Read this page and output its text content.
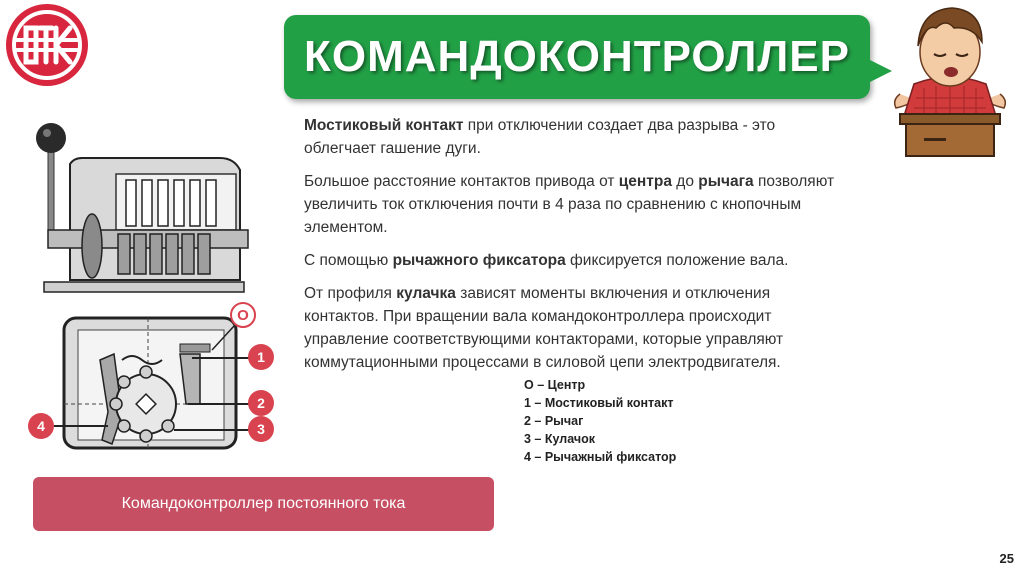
КОМАНДОКОНТРОЛЛЕР
О
1
2
3
4

Мостиковый контакт при отключении создает два разрыва - это облегчает гашение дуги.

Большое расстояние контактов привода от центра до рычага позволяют увеличить ток отключения почти в 4 раза по сравнению с кнопочным элементом.

С помощью рычажного фиксатора фиксируется положение вала.

От профиля кулачка зависят моменты включения и отключения контактов. При вращении вала командоконтроллера происходит управление соответствующими контакторами, которые управляют коммутационными процессами в силовой цепи электродвигателя.

О – Центр
1 – Мостиковый контакт
2 – Рычаг
3 – Кулачок
4 – Рычажный фиксатор
Командоконтроллер постоянного тока
25
